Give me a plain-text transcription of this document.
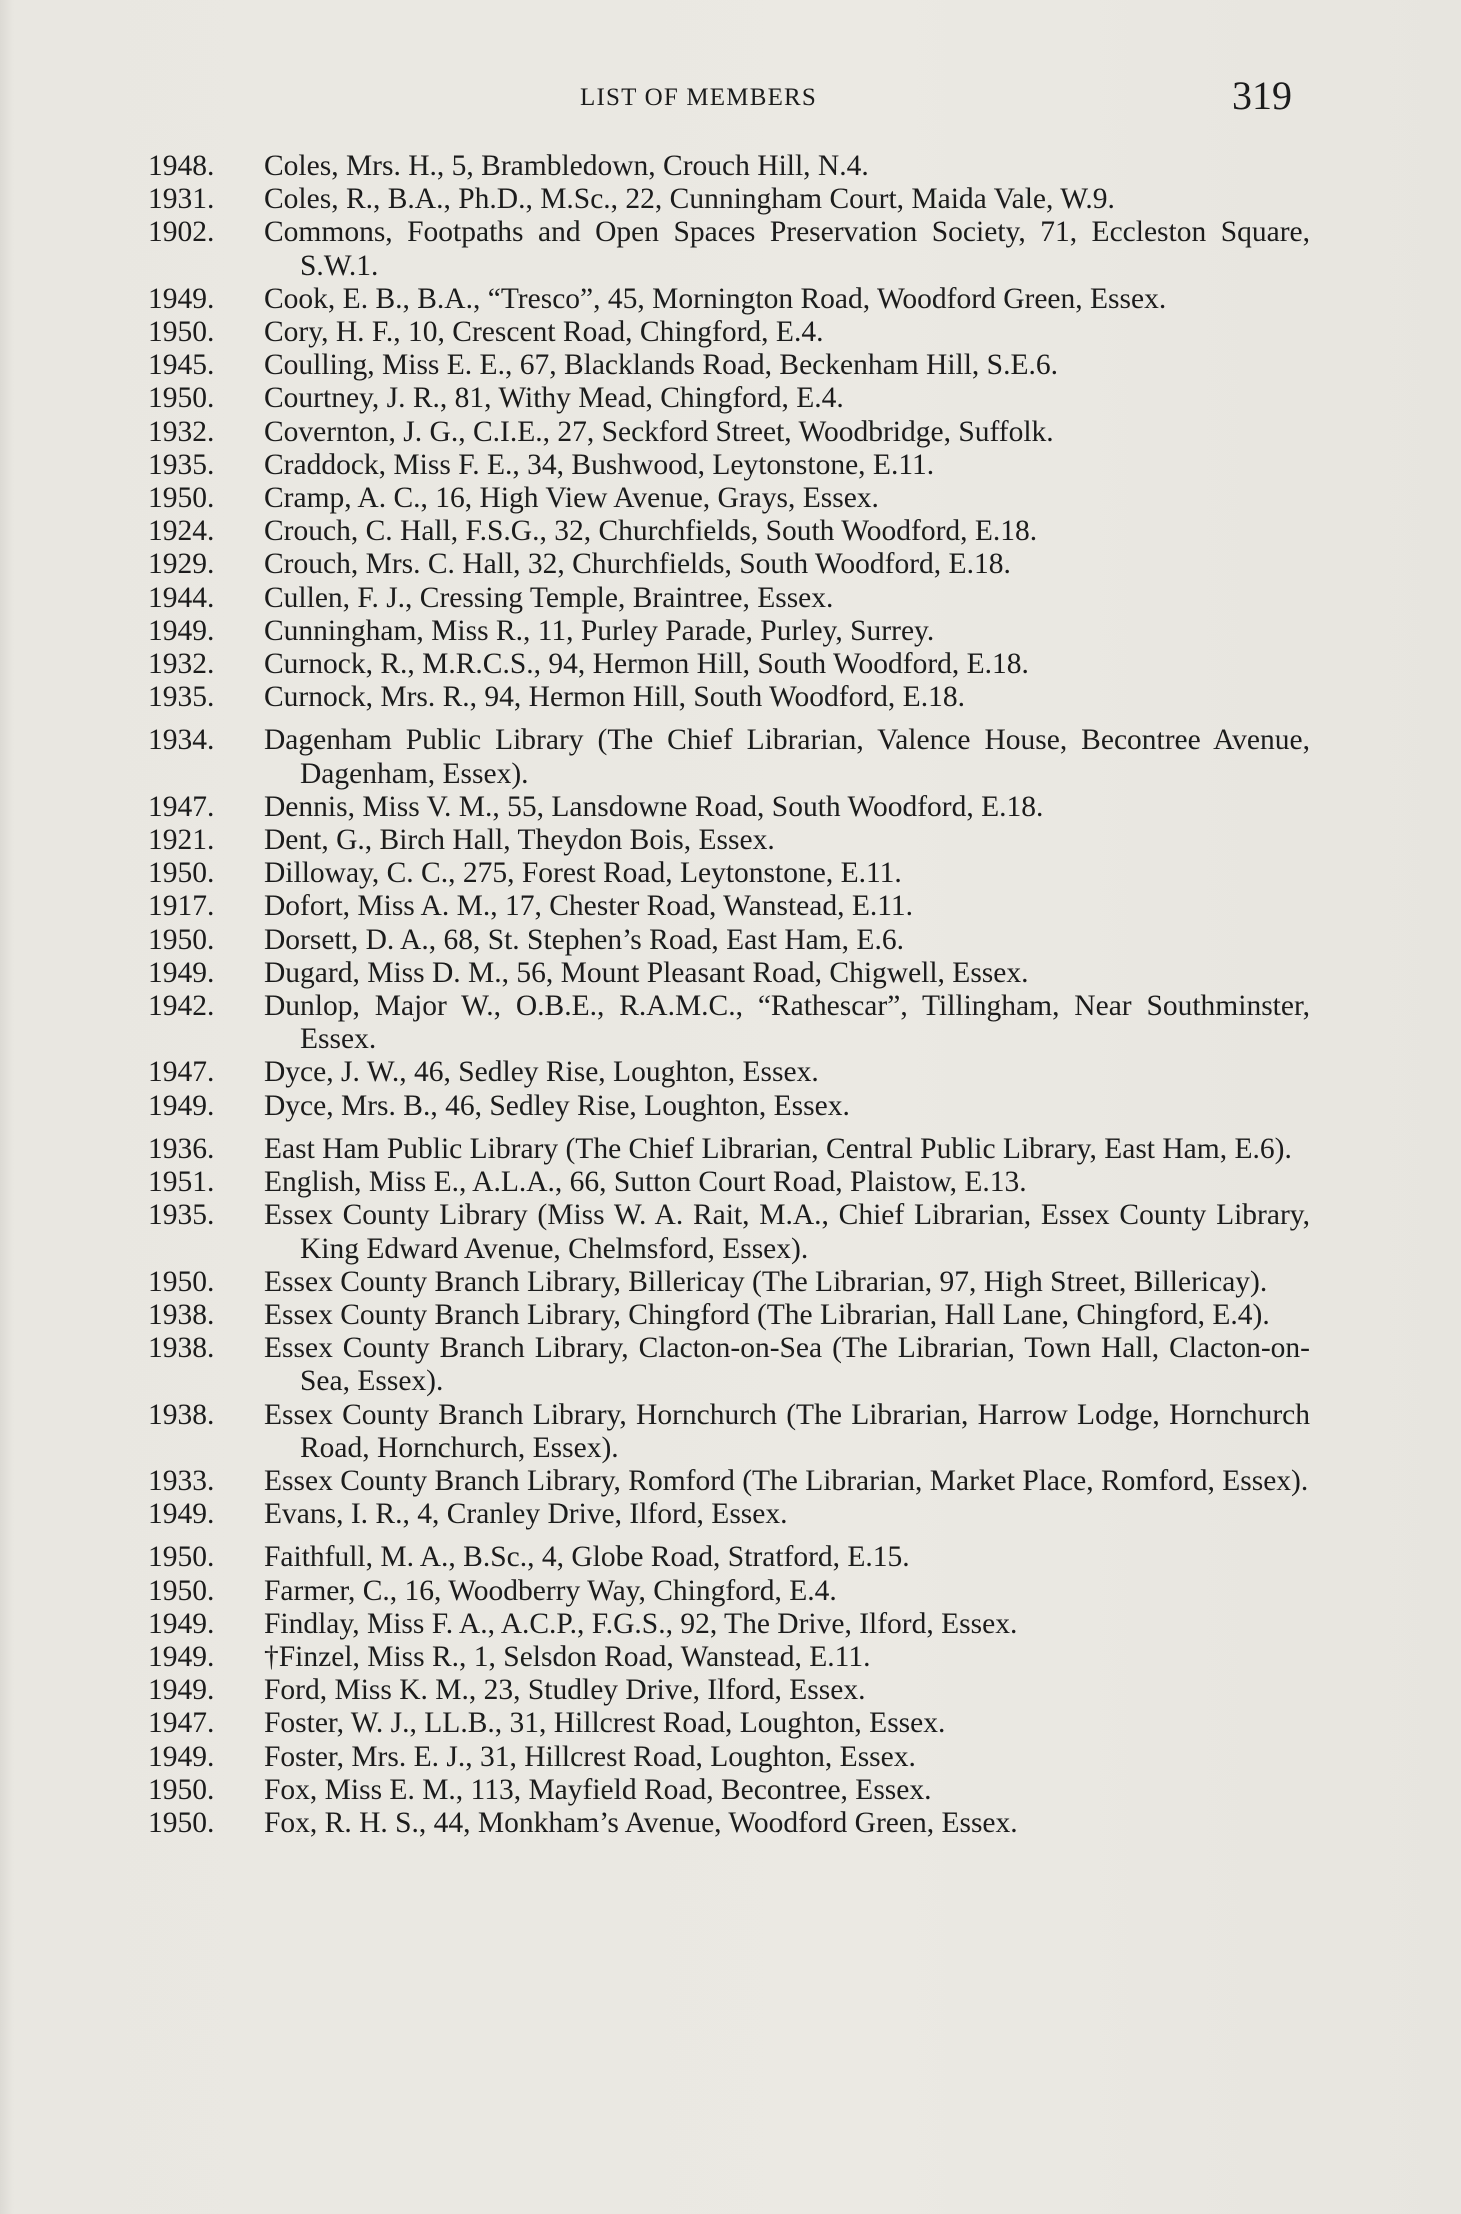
LIST OF MEMBERS	319
1948.	Coles, Mrs. H., 5, Brambledown, Crouch Hill, N.4.
1931.	Coles, R., B.A., Ph.D., M.Sc., 22, Cunningham Court, Maida Vale, W.9.
1902.	Commons, Footpaths and Open Spaces Preservation Society, 71, Eccleston Square, S.W.1.
1949.	Cook, E. B., B.A., “Tresco”, 45, Mornington Road, Woodford Green, Essex.
1950.	Cory, H. F., 10, Crescent Road, Chingford, E.4.
1945.	Coulling, Miss E. E., 67, Blacklands Road, Beckenham Hill, S.E.6.
1950.	Courtney, J. R., 81, Withy Mead, Chingford, E.4.
1932.	Covernton, J. G., C.I.E., 27, Seckford Street, Woodbridge, Suffolk.
1935.	Craddock, Miss F. E., 34, Bushwood, Leytonstone, E.11.
1950.	Cramp, A. C., 16, High View Avenue, Grays, Essex.
1924.	Crouch, C. Hall, F.S.G., 32, Churchfields, South Woodford, E.18.
1929.	Crouch, Mrs. C. Hall, 32, Churchfields, South Woodford, E.18.
1944.	Cullen, F. J., Cressing Temple, Braintree, Essex.
1949.	Cunningham, Miss R., 11, Purley Parade, Purley, Surrey.
1932.	Curnock, R., M.R.C.S., 94, Hermon Hill, South Woodford, E.18.
1935.	Curnock, Mrs. R., 94, Hermon Hill, South Woodford, E.18.
1934.	Dagenham Public Library (The Chief Librarian, Valence House, Becontree Avenue, Dagenham, Essex).
1947.	Dennis, Miss V. M., 55, Lansdowne Road, South Woodford, E.18.
1921.	Dent, G., Birch Hall, Theydon Bois, Essex.
1950.	Dilloway, C. C., 275, Forest Road, Leytonstone, E.11.
1917.	Dofort, Miss A. M., 17, Chester Road, Wanstead, E.11.
1950.	Dorsett, D. A., 68, St. Stephen’s Road, East Ham, E.6.
1949.	Dugard, Miss D. M., 56, Mount Pleasant Road, Chigwell, Essex.
1942.	Dunlop, Major W., O.B.E., R.A.M.C., “Rathescar”, Tillingham, Near Southminster, Essex.
1947.	Dyce, J. W., 46, Sedley Rise, Loughton, Essex.
1949.	Dyce, Mrs. B., 46, Sedley Rise, Loughton, Essex.
1936.	East Ham Public Library (The Chief Librarian, Central Public Library, East Ham, E.6).
1951.	English, Miss E., A.L.A., 66, Sutton Court Road, Plaistow, E.13.
1935.	Essex County Library (Miss W. A. Rait, M.A., Chief Librarian, Essex County Library, King Edward Avenue, Chelmsford, Essex).
1950.	Essex County Branch Library, Billericay (The Librarian, 97, High Street, Billericay).
1938.	Essex County Branch Library, Chingford (The Librarian, Hall Lane, Chingford, E.4).
1938.	Essex County Branch Library, Clacton-on-Sea (The Librarian, Town Hall, Clacton-on-Sea, Essex).
1938.	Essex County Branch Library, Hornchurch (The Librarian, Harrow Lodge, Hornchurch Road, Hornchurch, Essex).
1933.	Essex County Branch Library, Romford (The Librarian, Market Place, Romford, Essex).
1949.	Evans, I. R., 4, Cranley Drive, Ilford, Essex.
1950.	Faithfull, M. A., B.Sc., 4, Globe Road, Stratford, E.15.
1950.	Farmer, C., 16, Woodberry Way, Chingford, E.4.
1949.	Findlay, Miss F. A., A.C.P., F.G.S., 92, The Drive, Ilford, Essex.
1949.	†Finzel, Miss R., 1, Selsdon Road, Wanstead, E.11.
1949.	Ford, Miss K. M., 23, Studley Drive, Ilford, Essex.
1947.	Foster, W. J., LL.B., 31, Hillcrest Road, Loughton, Essex.
1949.	Foster, Mrs. E. J., 31, Hillcrest Road, Loughton, Essex.
1950.	Fox, Miss E. M., 113, Mayfield Road, Becontree, Essex.
1950.	Fox, R. H. S., 44, Monkham’s Avenue, Woodford Green, Essex.
